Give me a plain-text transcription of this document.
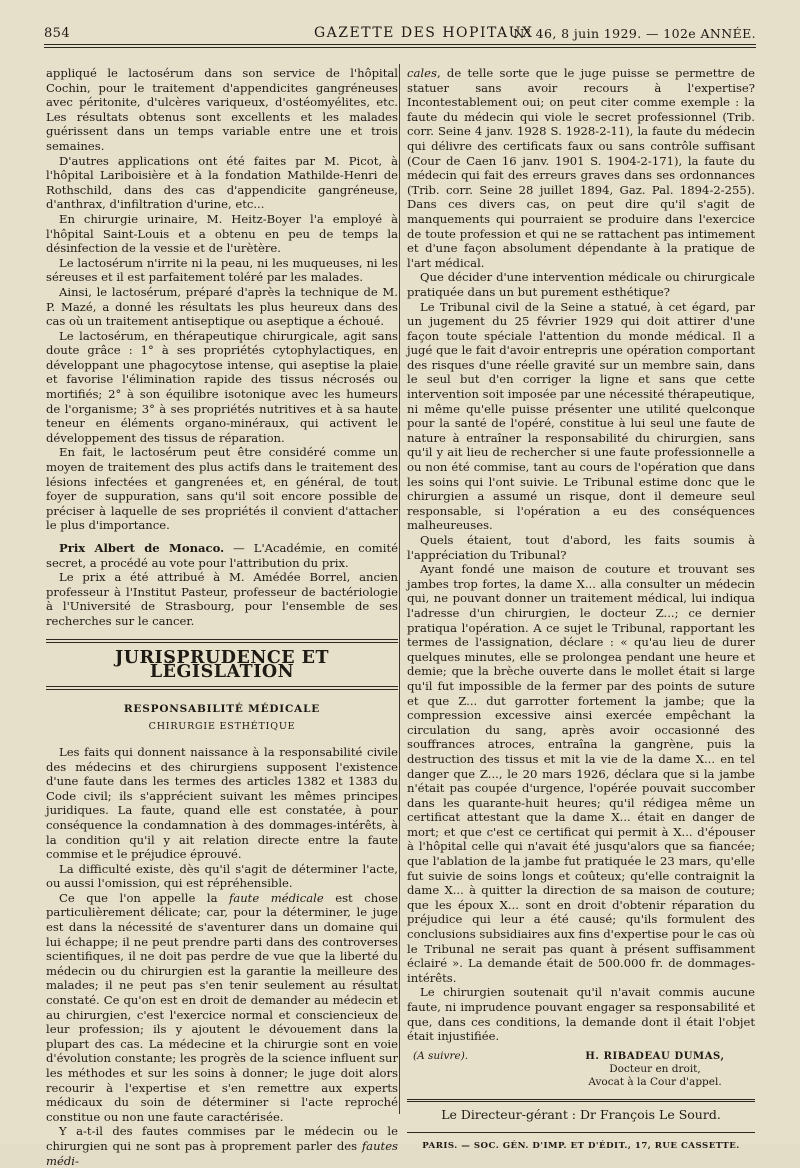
854	GAZETTE DES HOPITAUX
N° 46, 8 juin 1929. — 102e ANNÉE.

appliqué le lactosérum dans son service de l'hôpital Cochin, pour le traitement d'appendicites gangréneuses avec péritonite, d'ulcères variqueux, d'ostéomyélites, etc. Les résultats obtenus sont excellents et les malades guérissent dans un temps variable entre une et trois semaines.

D'autres applications ont été faites par M. Picot, à l'hôpital Lariboisière et à la fondation Mathilde-Henri de Rothschild, dans des cas d'appendicite gangréneuse, d'anthrax, d'infiltration d'urine, etc...

En chirurgie urinaire, M. Heitz-Boyer l'a employé à l'hôpital Saint-Louis et a obtenu en peu de temps la désinfection de la vessie et de l'urètère.

Le lactosérum n'irrite ni la peau, ni les muqueuses, ni les séreuses et il est parfaitement toléré par les malades.

Ainsi, le lactosérum, préparé d'après la technique de M. P. Mazé, a donné les résultats les plus heureux dans des cas où un traitement antiseptique ou aseptique a échoué.

Le lactosérum, en thérapeutique chirurgicale, agit sans doute grâce : 1° à ses propriétés cytophylactiques, en développant une phagocytose intense, qui aseptise la plaie et favorise l'élimination rapide des tissus nécrosés ou mortifiés; 2° à son équilibre isotonique avec les humeurs de l'organisme; 3° à ses propriétés nutritives et à sa haute teneur en éléments organo-minéraux, qui activent le développement des tissus de réparation.

En fait, le lactosérum peut être considéré comme un moyen de traitement des plus actifs dans le traitement des lésions infectées et gangrenées et, en général, de tout foyer de suppuration, sans qu'il soit encore possible de préciser à laquelle de ses propriétés il convient d'attacher le plus d'importance.

Prix Albert de Monaco. — L'Académie, en comité secret, a procédé au vote pour l'attribution du prix.

Le prix a été attribué à M. Amédée Borrel, ancien professeur à l'Institut Pasteur, professeur de bactériologie à l'Université de Strasbourg, pour l'ensemble de ses recherches sur le cancer.

JURISPRUDENCE ET LÉGISLATION
RESPONSABILITÉ MÉDICALE
CHIRURGIE ESTHÉTIQUE

Les faits qui donnent naissance à la responsabilité civile des médecins et des chirurgiens supposent l'existence d'une faute dans les termes des articles 1382 et 1383 du Code civil; ils s'apprécient suivant les mêmes principes juridiques. La faute, quand elle est constatée, à pour conséquence la condamnation à des dommages-intérêts, à la condition qu'il y ait relation directe entre la faute commise et le préjudice éprouvé.

La difficulté existe, dès qu'il s'agit de déterminer l'acte, ou aussi l'omission, qui est répréhensible.

Ce que l'on appelle la faute médicale est chose particulièrement délicate; car, pour la déterminer, le juge est dans la nécessité de s'aventurer dans un domaine qui lui échappe; il ne peut prendre parti dans des controverses scientifiques, il ne doit pas perdre de vue que la liberté du médecin ou du chirurgien est la garantie la meilleure des malades; il ne peut pas s'en tenir seulement au résultat constaté. Ce qu'on est en droit de demander au médecin et au chirurgien, c'est l'exercice normal et consciencieux de leur profession; ils y ajoutent le dévouement dans la plupart des cas. La médecine et la chirurgie sont en voie d'évolution constante; les progrès de la science influent sur les méthodes et sur les soins à donner; le juge doit alors recourir à l'expertise et s'en remettre aux experts médicaux du soin de déterminer si l'acte reproché constitue ou non une faute caractérisée.

Y a-t-il des fautes commises par le médecin ou le chirurgien qui ne sont pas à proprement parler des fautes médi-

cales, de telle sorte que le juge puisse se permettre de statuer sans avoir recours à l'expertise? Incontestablement oui; on peut citer comme exemple : la faute du médecin qui viole le secret professionnel (Trib. corr. Seine 4 janv. 1928 S. 1928-2-11), la faute du médecin qui délivre des certificats faux ou sans contrôle suffisant (Cour de Caen 16 janv. 1901 S. 1904-2-171), la faute du médecin qui fait des erreurs graves dans ses ordonnances (Trib. corr. Seine 28 juillet 1894, Gaz. Pal. 1894-2-255). Dans ces divers cas, on peut dire qu'il s'agit de manquements qui pourraient se produire dans l'exercice de toute profession et qui ne se rattachent pas intimement et d'une façon absolument dépendante à la pratique de l'art médical.

Que décider d'une intervention médicale ou chirurgicale pratiquée dans un but purement esthétique?

Le Tribunal civil de la Seine a statué, à cet égard, par un jugement du 25 février 1929 qui doit attirer d'une façon toute spéciale l'attention du monde médical. Il a jugé que le fait d'avoir entrepris une opération comportant des risques d'une réelle gravité sur un membre sain, dans le seul but d'en corriger la ligne et sans que cette intervention soit imposée par une nécessité thérapeutique, ni même qu'elle puisse présenter une utilité quelconque pour la santé de l'opéré, constitue à lui seul une faute de nature à entraîner la responsabilité du chirurgien, sans qu'il y ait lieu de rechercher si une faute professionnelle a ou non été commise, tant au cours de l'opération que dans les soins qui l'ont suivie. Le Tribunal estime donc que le chirurgien a assumé un risque, dont il demeure seul responsable, si l'opération a eu des conséquences malheureuses.

Quels étaient, tout d'abord, les faits soumis à l'appréciation du Tribunal?

Ayant fondé une maison de couture et trouvant ses jambes trop fortes, la dame X... alla consulter un médecin qui, ne pouvant donner un traitement médical, lui indiqua l'adresse d'un chirurgien, le docteur Z...; ce dernier pratiqua l'opération. A ce sujet le Tribunal, rapportant les termes de l'assignation, déclare : « qu'au lieu de durer quelques minutes, elle se prolongea pendant une heure et demie; que la brèche ouverte dans le mollet était si large qu'il fut impossible de la fermer par des points de suture et que Z... dut garrotter fortement la jambe; que la compression excessive ainsi exercée empêchant la circulation du sang, après avoir occasionné des souffrances atroces, entraîna la gangrène, puis la destruction des tissus et mit la vie de la dame X... en tel danger que Z..., le 20 mars 1926, déclara que si la jambe n'était pas coupée d'urgence, l'opérée pouvait succomber dans les quarante-huit heures; qu'il rédigea même un certificat attestant que la dame X... était en danger de mort; et que c'est ce certificat qui permit à X... d'épouser à l'hôpital celle qui n'avait été jusqu'alors que sa fiancée; que l'ablation de la jambe fut pratiquée le 23 mars, qu'elle fut suivie de soins longs et coûteux; qu'elle contraignit la dame X... à quitter la direction de sa maison de couture; que les époux X... sont en droit d'obtenir réparation du préjudice qui leur a été causé; qu'ils formulent des conclusions subsidiaires aux fins d'expertise pour le cas où le Tribunal ne serait pas quant à présent suffisamment éclairé ». La demande était de 500.000 fr. de dommages-intérêts.

Le chirurgien soutenait qu'il n'avait commis aucune faute, ni imprudence pouvant engager sa responsabilité et que, dans ces conditions, la demande dont il était l'objet était injustifiée.

(A suivre).	H. RIBADEAU DUMAS,
Docteur en droit,
Avocat à la Cour d'appel.
Le Directeur-gérant : Dr François Le Sourd.
PARIS. — SOC. GÉN. D'IMP. ET D'ÉDIT., 17, RUE CASSETTE.
